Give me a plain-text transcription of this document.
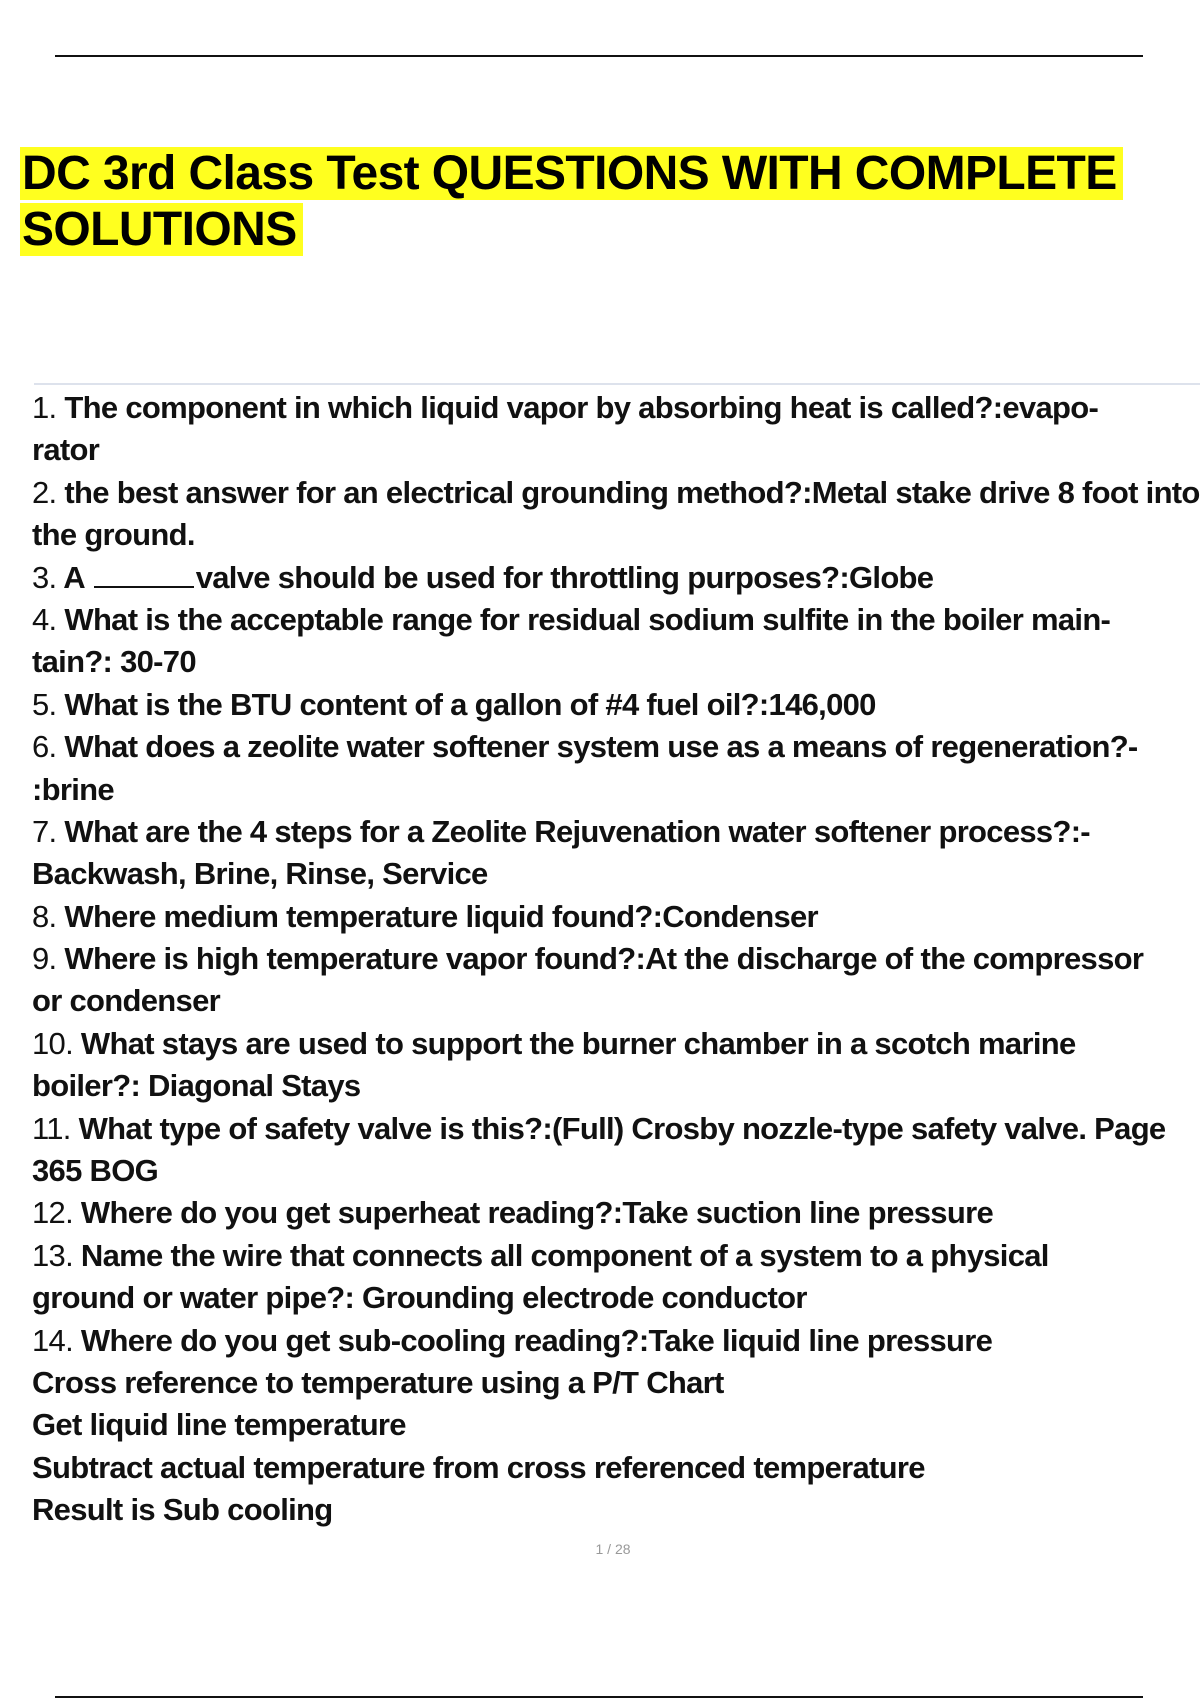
DC 3rd Class Test QUESTIONS WITH COMPLETE
SOLUTIONS
1. The component in which liquid vapor by absorbing heat is called?:evapo-
rator
2. the best answer for an electrical grounding method?:Metal stake drive 8 foot into
the ground.
3. A	valve should be used for throttling purposes?:Globe
4. What is the acceptable range for residual sodium sulfite in the boiler main-
tain?: 30-70
5. What is the BTU content of a gallon of #4 fuel oil?:146,000
6. What does a zeolite water softener system use as a means of regeneration?-
:brine
7. What are the 4 steps for a Zeolite Rejuvenation water softener process?:-
Backwash, Brine, Rinse, Service
8. Where medium temperature liquid found?:Condenser
9. Where is high temperature vapor found?:At the discharge of the compressor
or condenser
10. What stays are used to support the burner chamber in a scotch marine
boiler?: Diagonal Stays
11. What type of safety valve is this?:(Full) Crosby nozzle-type safety valve. Page
365 BOG
12. Where do you get superheat reading?:Take suction line pressure
13. Name the wire that connects all component of a system to a physical
ground or water pipe?: Grounding electrode conductor
14. Where do you get sub-cooling reading?:Take liquid line pressure
Cross reference to temperature using a P/T Chart
Get liquid line temperature
Subtract actual temperature from cross referenced temperature
Result is Sub cooling
1 / 28
